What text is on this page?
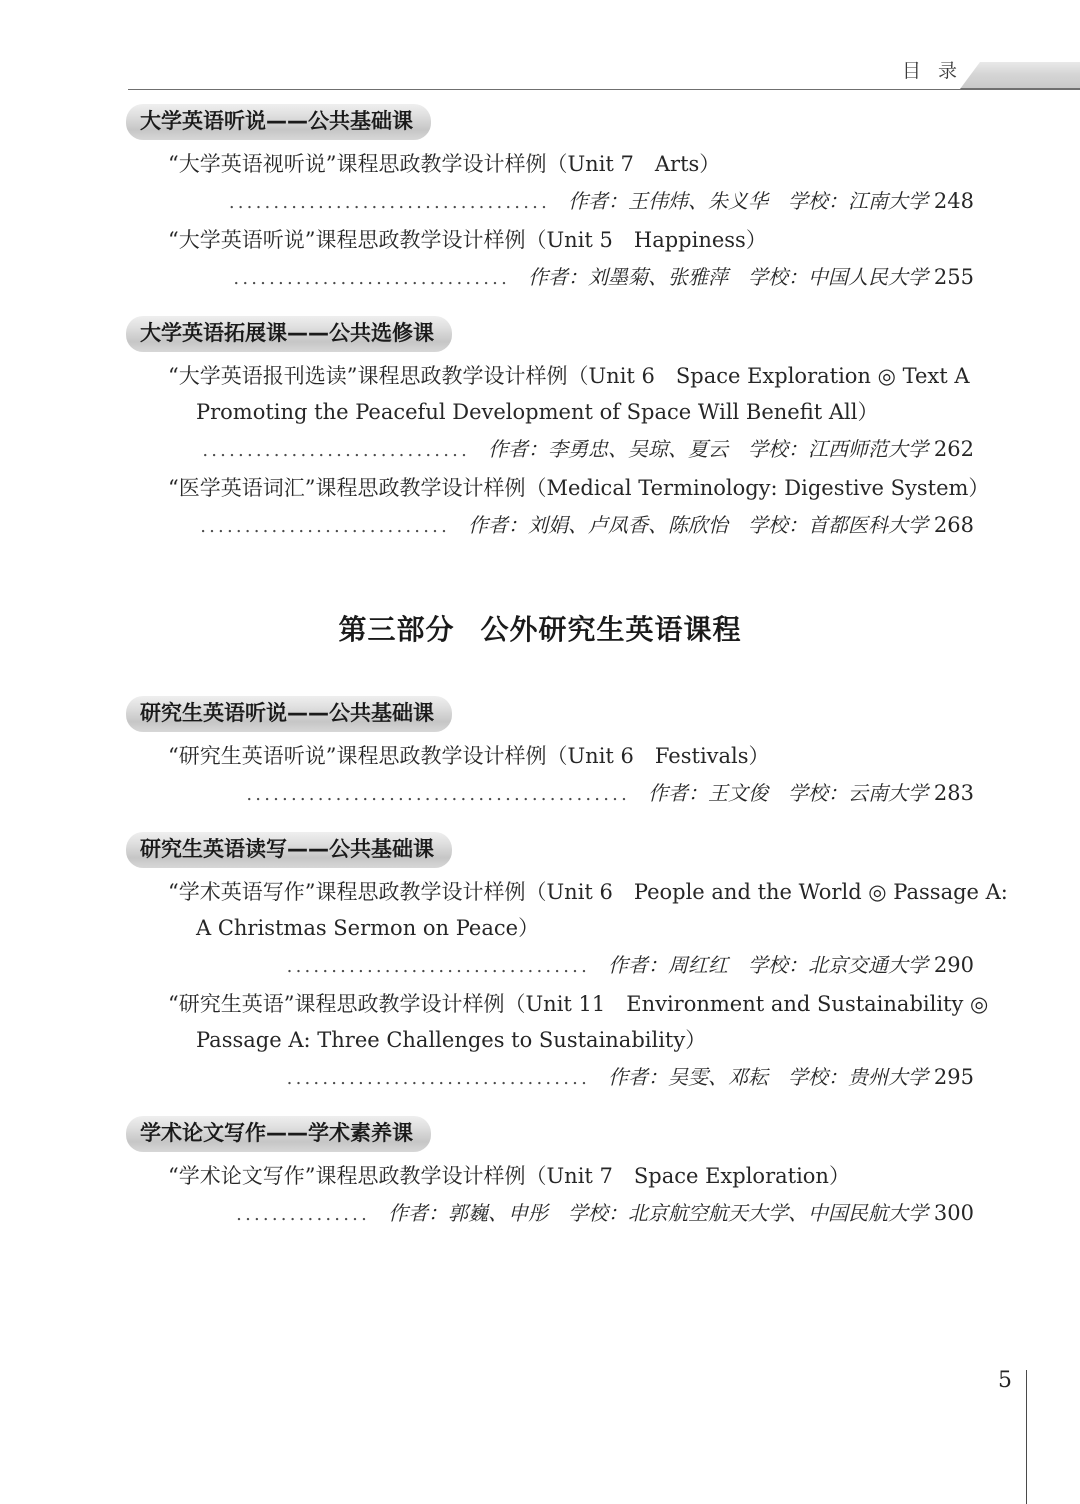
目 录
大学英语听说——公共基础课
“大学英语视听说”课程思政教学设计样例（Unit 7　Arts）
.................................... 作者：王伟炜、朱义华　学校：江南大学 248
“大学英语听说”课程思政教学设计样例（Unit 5　Happiness）
............................... 作者：刘墨菊、张雅萍　学校：中国人民大学 255
大学英语拓展课——公共选修课
“大学英语报刊选读”课程思政教学设计样例（Unit 6　Space Exploration ◎ Text A
Promoting the Peaceful Development of Space Will Benefit All）
.............................. 作者：李勇忠、吴琼、夏云　学校：江西师范大学 262
“医学英语词汇”课程思政教学设计样例（Medical Terminology: Digestive System）
............................ 作者：刘娟、卢凤香、陈欣怡　学校：首都医科大学 268
第三部分 公外研究生英语课程
研究生英语听说——公共基础课
“研究生英语听说”课程思政教学设计样例（Unit 6　Festivals）
........................................... 作者：王文俊　学校：云南大学 283
研究生英语读写——公共基础课
“学术英语写作”课程思政教学设计样例（Unit 6　People and the World ◎ Passage A:
A Christmas Sermon on Peace）
.................................. 作者：周红红　学校：北京交通大学 290
“研究生英语”课程思政教学设计样例（Unit 11　Environment and Sustainability ◎
Passage A: Three Challenges to Sustainability）
.................................. 作者：吴雯、邓耘　学校：贵州大学 295
学术论文写作——学术素养课
“学术论文写作”课程思政教学设计样例（Unit 7　Space Exploration）
............... 作者：郭巍、申彤　学校：北京航空航天大学、中国民航大学 300
5
